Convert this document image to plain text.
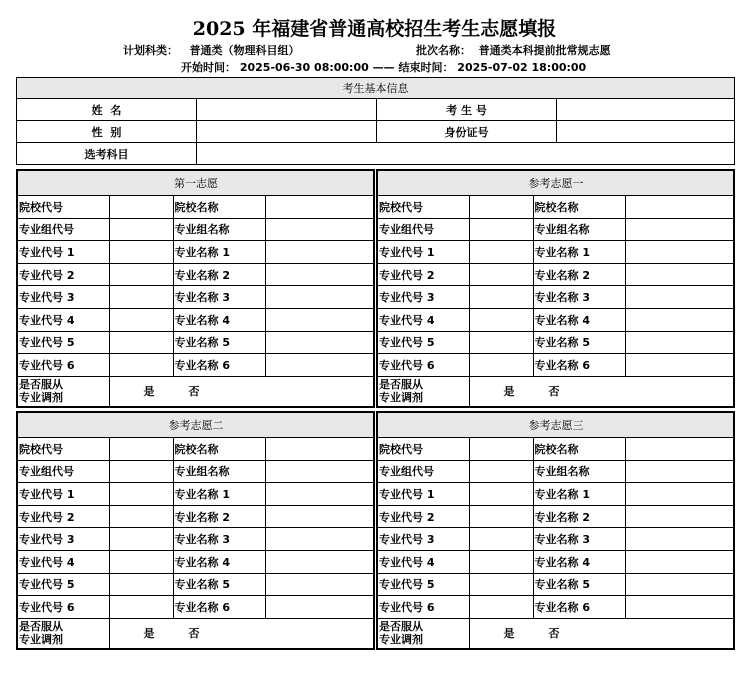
2025 年福建省普通高校招生考生志愿填报
计划科类： 普通类（物理科目组）	批次名称： 普通类本科提前批常规志愿
开始时间： 2025-06-30 08:00:00 —— 结束时间： 2025-07-02 18:00:00
考生基本信息			
姓  名		考 生 号	
性  别		身份证号	
选考科目			
第一志愿			
院校代号		院校名称	
专业组代号		专业组名称	
专业代号 1		专业名称 1	
专业代号 2		专业名称 2	
专业代号 3		专业名称 3	
专业代号 4		专业名称 4	
专业代号 5		专业名称 5	
专业代号 6		专业名称 6	
是否服从
专业调剂	是 否		
参考志愿一			
院校代号		院校名称	
专业组代号		专业组名称	
专业代号 1		专业名称 1	
专业代号 2		专业名称 2	
专业代号 3		专业名称 3	
专业代号 4		专业名称 4	
专业代号 5		专业名称 5	
专业代号 6		专业名称 6	
是否服从
专业调剂	是 否		
参考志愿二			
院校代号		院校名称	
专业组代号		专业组名称	
专业代号 1		专业名称 1	
专业代号 2		专业名称 2	
专业代号 3		专业名称 3	
专业代号 4		专业名称 4	
专业代号 5		专业名称 5	
专业代号 6		专业名称 6	
是否服从
专业调剂	是 否		
参考志愿三			
院校代号		院校名称	
专业组代号		专业组名称	
专业代号 1		专业名称 1	
专业代号 2		专业名称 2	
专业代号 3		专业名称 3	
专业代号 4		专业名称 4	
专业代号 5		专业名称 5	
专业代号 6		专业名称 6	
是否服从
专业调剂	是 否		
